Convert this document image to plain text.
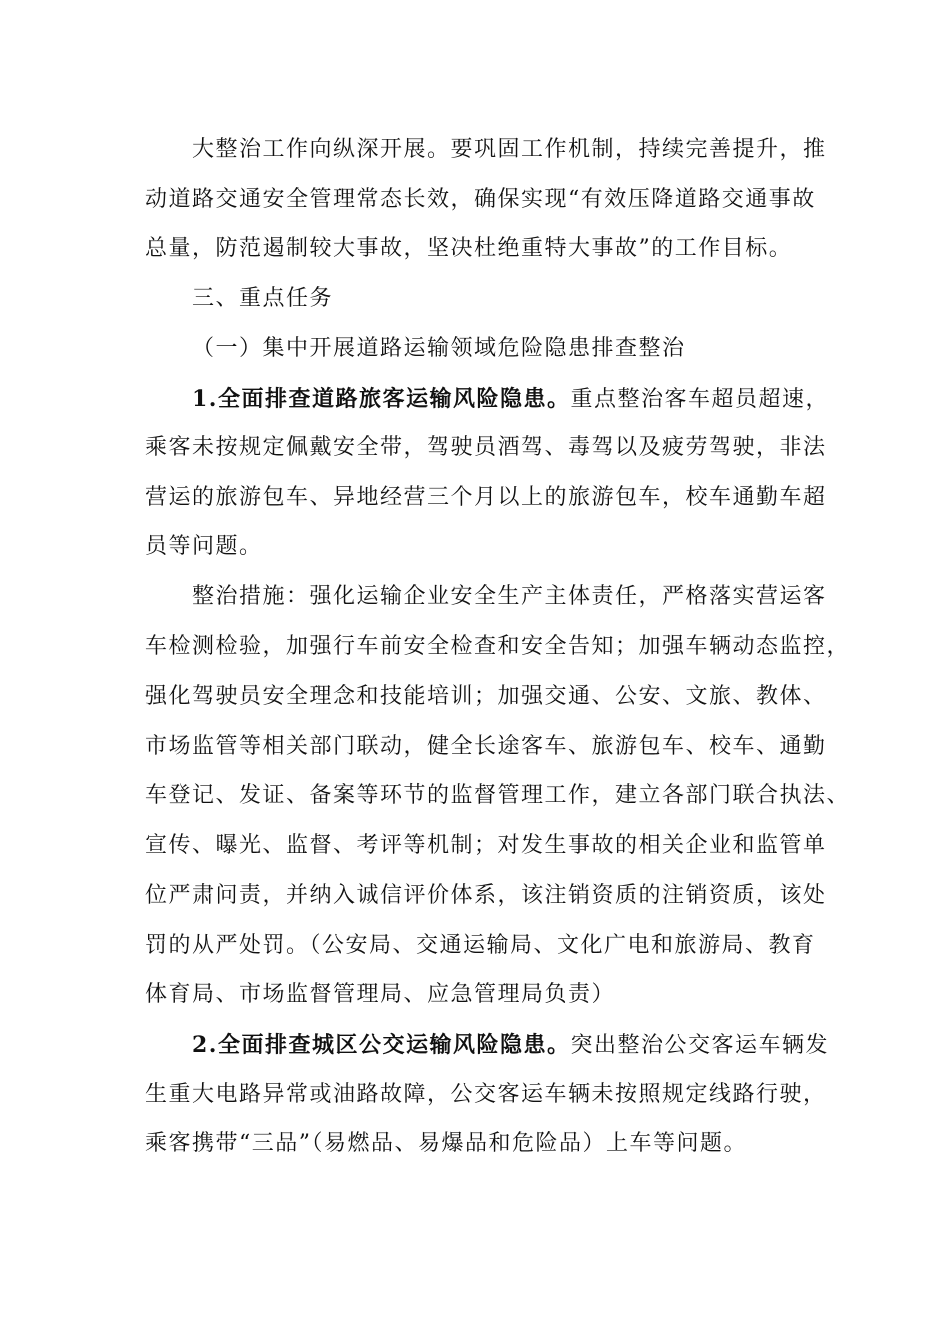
大整治工作向纵深开展。要巩固工作机制，持续完善提升，推

动道路交通安全管理常态长效，确保实现“有效压降道路交通事故

总量，防范遏制较大事故，坚决杜绝重特大事故”的工作目标。

三、重点任务

（一）集中开展道路运输领域危险隐患排查整治

1.全面排查道路旅客运输风险隐患。重点整治客车超员超速，

乘客未按规定佩戴安全带，驾驶员酒驾、毒驾以及疲劳驾驶，非法

营运的旅游包车、异地经营三个月以上的旅游包车，校车通勤车超

员等问题。

整治措施：强化运输企业安全生产主体责任，严格落实营运客

车检测检验，加强行车前安全检查和安全告知；加强车辆动态监控，

强化驾驶员安全理念和技能培训；加强交通、公安、文旅、教体、

市场监管等相关部门联动，健全长途客车、旅游包车、校车、通勤

车登记、发证、备案等环节的监督管理工作，建立各部门联合执法、

宣传、曝光、监督、考评等机制；对发生事故的相关企业和监管单

位严肃问责，并纳入诚信评价体系，该注销资质的注销资质，该处

罚的从严处罚。（公安局、交通运输局、文化广电和旅游局、教育

体育局、市场监督管理局、应急管理局负责）

2.全面排查城区公交运输风险隐患。突出整治公交客运车辆发

生重大电路异常或油路故障，公交客运车辆未按照规定线路行驶，

乘客携带“三品”（易燃品、易爆品和危险品）上车等问题。
